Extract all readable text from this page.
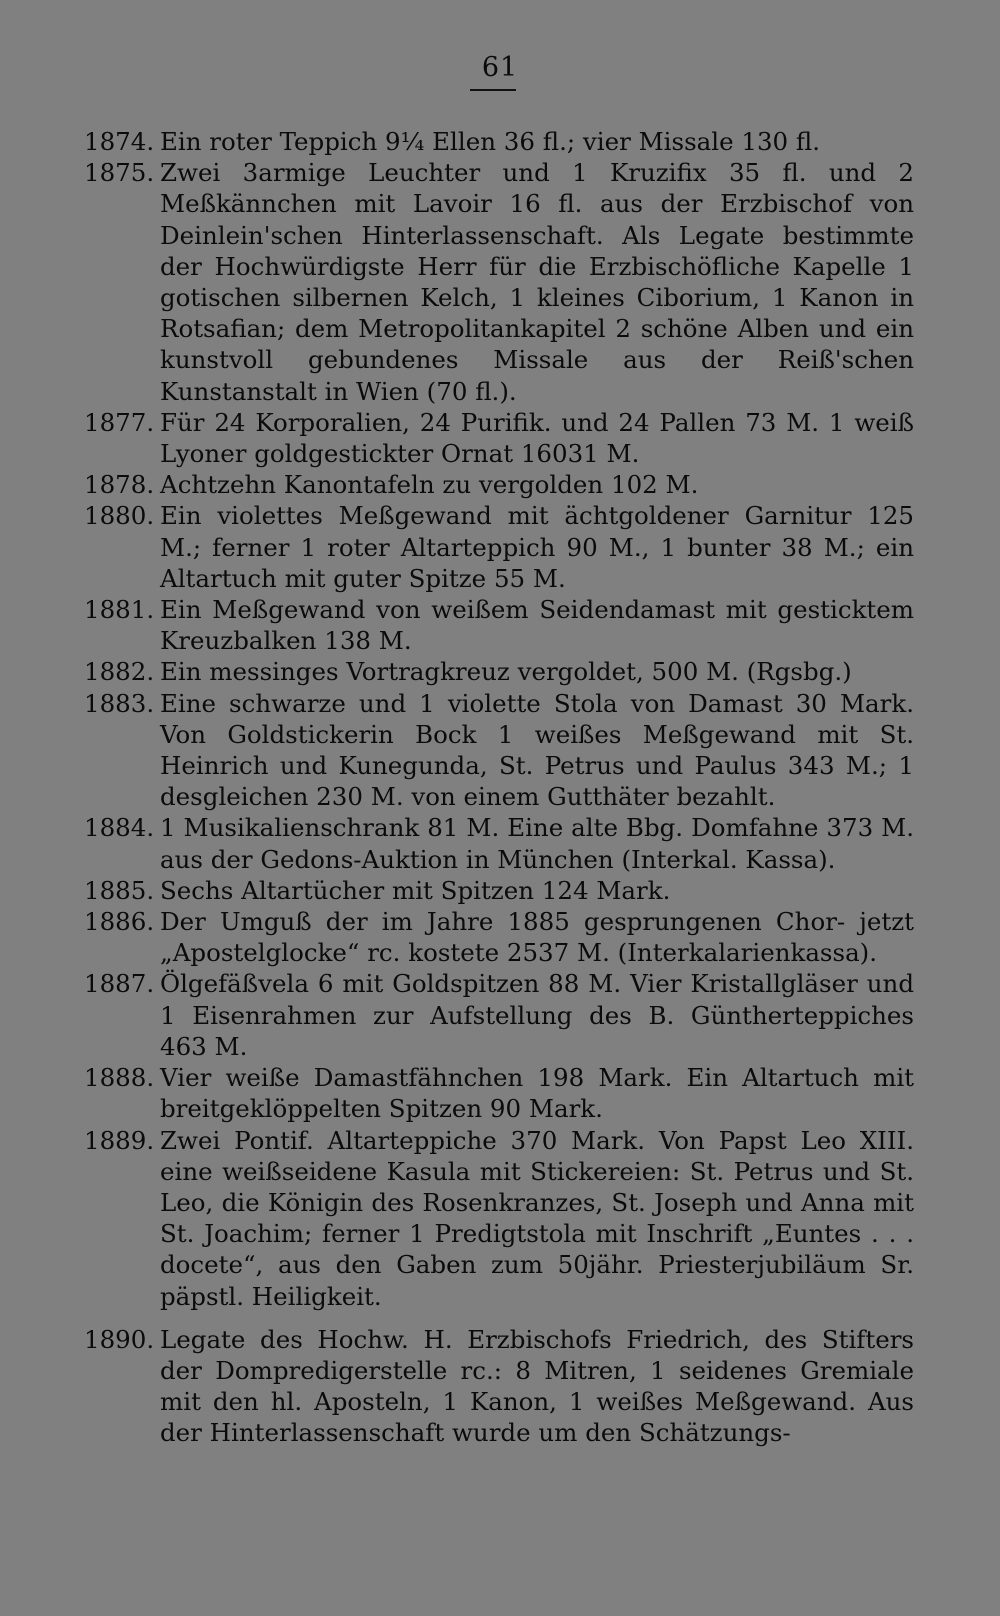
61
1874. Ein roter Teppich 9¼ Ellen 36 fl.; vier Missale 130 fl.
1875. Zwei 3armige Leuchter und 1 Kruzifix 35 fl. und 2 Meßkännchen mit Lavoir 16 fl. aus der Erzbischof von Deinlein'schen Hinterlassenschaft. Als Legate bestimmte der Hochwürdigste Herr für die Erzbischöfliche Kapelle 1 gotischen silbernen Kelch, 1 kleines Ciborium, 1 Kanon in Rotsafian; dem Metropolitankapitel 2 schöne Alben und ein kunstvoll gebundenes Missale aus der Reiß'schen Kunstanstalt in Wien (70 fl.).
1877. Für 24 Korporalien, 24 Purifik. und 24 Pallen 73 M. 1 weiß Lyoner goldgestickter Ornat 16031 M.
1878. Achtzehn Kanontafeln zu vergolden 102 M.
1880. Ein violettes Meßgewand mit ächtgoldener Garnitur 125 M.; ferner 1 roter Altarteppich 90 M., 1 bunter 38 M.; ein Altartuch mit guter Spitze 55 M.
1881. Ein Meßgewand von weißem Seidendamast mit gesticktem Kreuzbalken 138 M.
1882. Ein messinges Vortragkreuz vergoldet, 500 M. (Rgsbg.)
1883. Eine schwarze und 1 violette Stola von Damast 30 Mark. Von Goldstickerin Bock 1 weißes Meßgewand mit St. Heinrich und Kunegunda, St. Petrus und Paulus 343 M.; 1 desgleichen 230 M. von einem Gutthäter bezahlt.
1884. 1 Musikalienschrank 81 M. Eine alte Bbg. Domfahne 373 M. aus der Gedons-Auktion in München (Interkal. Kassa).
1885. Sechs Altartücher mit Spitzen 124 Mark.
1886. Der Umguß der im Jahre 1885 gesprungenen Chor- jetzt „Apostelglocke“ rc. kostete 2537 M. (Interkalarienkassa).
1887. Ölgefäßvela 6 mit Goldspitzen 88 M. Vier Kristallgläser und 1 Eisenrahmen zur Aufstellung des B. Güntherteppiches 463 M.
1888. Vier weiße Damastfähnchen 198 Mark. Ein Altartuch mit breitgeklöppelten Spitzen 90 Mark.
1889. Zwei Pontif. Altarteppiche 370 Mark. Von Papst Leo XIII. eine weißseidene Kasula mit Stickereien: St. Petrus und St. Leo, die Königin des Rosenkranzes, St. Joseph und Anna mit St. Joachim; ferner 1 Predigtstola mit Inschrift „Euntes . . . docete“, aus den Gaben zum 50jähr. Priesterjubiläum Sr. päpstl. Heiligkeit.
1890. Legate des Hochw. H. Erzbischofs Friedrich, des Stifters der Dompredigerstelle rc.: 8 Mitren, 1 seidenes Gremiale mit den hl. Aposteln, 1 Kanon, 1 weißes Meßgewand. Aus der Hinterlassenschaft wurde um den Schätzungs-
